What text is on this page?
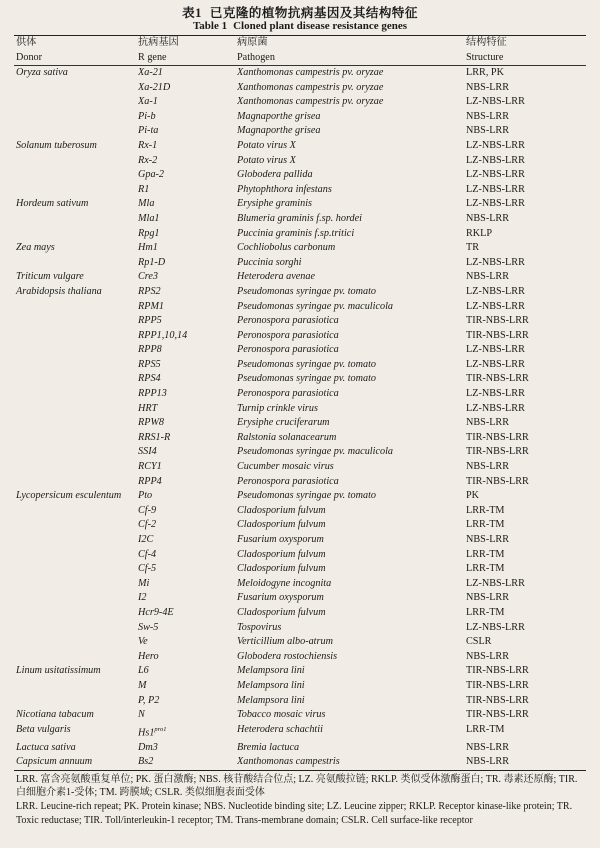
表1 已克隆的植物抗病基因及其结构特征
Table 1 Cloned plant disease resistance genes
供体	抗病基因	病原菌	结构特征
Donor	R gene	Pathogen	Structure
Oryza sativa	Xa-21	Xanthomonas campestris pv. oryzae	LRR, PK
	Xa-21D	Xanthomonas campestris pv. oryzae	NBS-LRR
	Xa-1	Xanthomonas campestris pv. oryzae	LZ-NBS-LRR
	Pi-b	Magnaporthe grisea	NBS-LRR
	Pi-ta	Magnaporthe grisea	NBS-LRR
Solanum tuberosum	Rx-1	Potato virus X	LZ-NBS-LRR
	Rx-2	Potato virus X	LZ-NBS-LRR
	Gpa-2	Globodera pallida	LZ-NBS-LRR
	R1	Phytophthora infestans	LZ-NBS-LRR
Hordeum sativum	Mla	Erysiphe graminis	LZ-NBS-LRR
	Mla1	Blumeria graminis f.sp. hordei	NBS-LRR
	Rpg1	Puccinia graminis f.sp.tritici	RKLP
Zea mays	Hm1	Cochliobolus carbonum	TR
	Rp1-D	Puccinia sorghi	LZ-NBS-LRR
Triticum vulgare	Cre3	Heterodera avenae	NBS-LRR
Arabidopsis thaliana	RPS2	Pseudomonas syringae pv. tomato	LZ-NBS-LRR
	RPM1	Pseudomonas syringae pv. maculicola	LZ-NBS-LRR
	RPP5	Peronospora parasiotica	TIR-NBS-LRR
	RPP1,10,14	Peronospora parasiotica	TIR-NBS-LRR
	RPP8	Peronospora parasiotica	LZ-NBS-LRR
	RPS5	Pseudomonas syringae pv. tomato	LZ-NBS-LRR
	RPS4	Pseudomonas syringae pv. tomato	TIR-NBS-LRR
	RPP13	Peronospora parasiotica	LZ-NBS-LRR
	HRT	Turnip crinkle virus	LZ-NBS-LRR
	RPW8	Erysiphe cruciferarum	NBS-LRR
	RRS1-R	Ralstonia solanacearum	TIR-NBS-LRR
	SSI4	Pseudomonas syringae pv. maculicola	TIR-NBS-LRR
	RCY1	Cucumber mosaic virus	NBS-LRR
	RPP4	Peronospora parasiotica	TIR-NBS-LRR
Lycopersicum esculentum	Pto	Pseudomonas syringae pv. tomato	PK
	Cf-9	Cladosporium fulvum	LRR-TM
	Cf-2	Cladosporium fulvum	LRR-TM
	I2C	Fusarium oxysporum	NBS-LRR
	Cf-4	Cladosporium fulvum	LRR-TM
	Cf-5	Cladosporium fulvum	LRR-TM
	Mi	Meloidogyne incognita	LZ-NBS-LRR
	I2	Fusarium oxysporum	NBS-LRR
	Hcr9-4E	Cladosporium fulvum	LRR-TM
	Sw-5	Tospovirus	LZ-NBS-LRR
	Ve	Verticillium albo-atrum	CSLR
	Hero	Globodera rostochiensis	NBS-LRR
Linum usitatissimum	L6	Melampsora lini	TIR-NBS-LRR
	M	Melampsora lini	TIR-NBS-LRR
	P, P2	Melampsora lini	TIR-NBS-LRR
Nicotiana tabacum	N	Tobacco mosaic virus	TIR-NBS-LRR
Beta vulgaris	$Hs1^{pro1}$	Heterodera schachtii	LRR-TM
Lactuca sativa	Dm3	Bremia lactuca	NBS-LRR
Capsicum annuum	Bs2	Xanthomonas campestris	NBS-LRR

LRR. 富含亮氨酸重复单位; PK. 蛋白激酶; NBS. 核苷酸结合位点; LZ. 亮氨酸拉链; RKLP. 类似受体激酶蛋白; TR. 毒素还原酶; TIR. 白细胞介素1-受体; TM. 跨膜域; CSLR. 类似细胞表面受体

LRR. Leucine-rich repeat; PK. Protein kinase; NBS. Nucleotide binding site; LZ. Leucine zipper; RKLP. Receptor kinase-like protein; TR. Toxic reductase; TIR. Toll/interleukin-1 receptor; TM. Trans-membrane domain; CSLR. Cell surface-like receptor
